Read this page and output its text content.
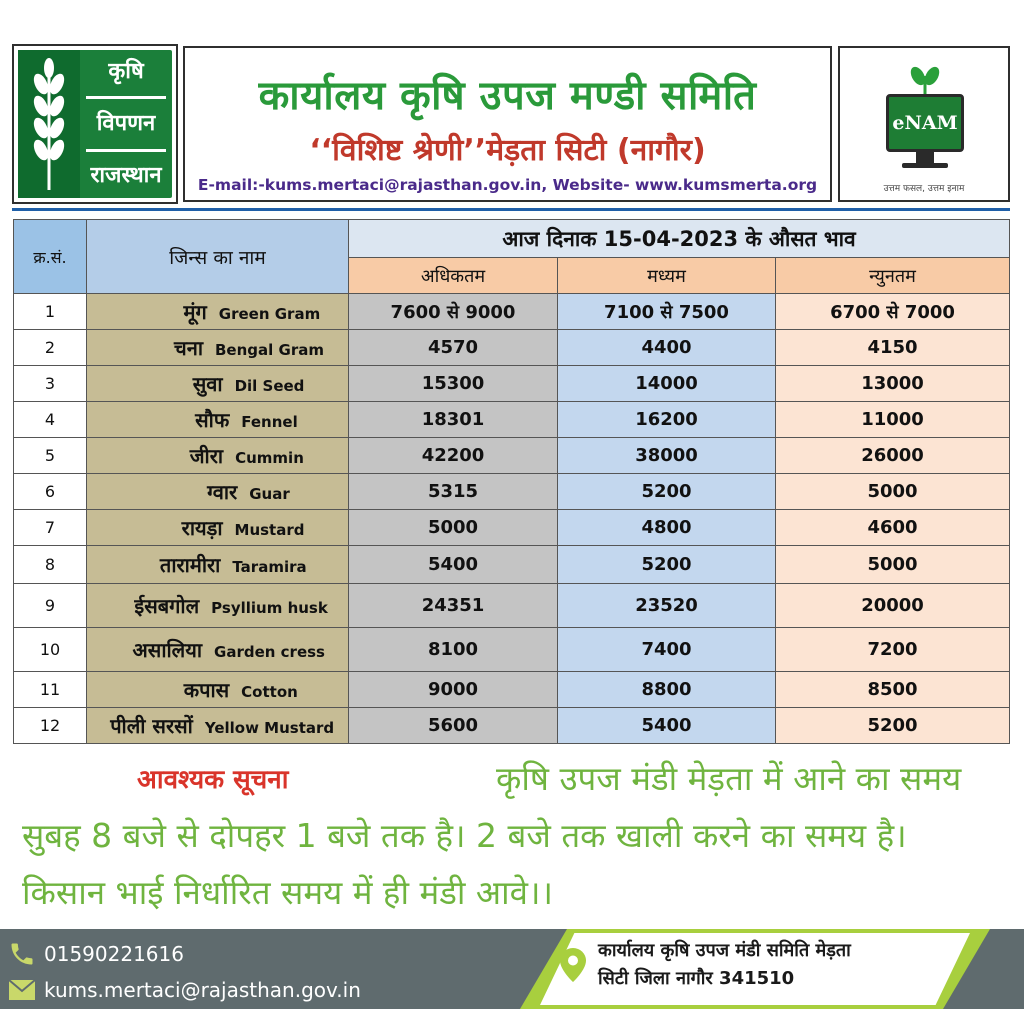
कृषि
विपणन
राजस्थान
कार्यालय कृषि उपज मण्डी समिति
‘‘विशिष्ट श्रेणी’’मेड़ता सिटी (नागौर)
E-mail:-kums.mertaci@rajasthan.gov.in, Website- www.kumsmerta.org
eNAM
उत्तम फसल, उत्तम इनाम
क्र.सं.	जिन्स का नाम	आज दिनाक 15-04-2023 के औसत भाव		
		अधिकतम	मध्यम	न्युनतम
1	मूंग Green Gram	7600 से 9000	7100 से 7500	6700 से 7000
2	चना Bengal Gram	4570	4400	4150
3	सुवा Dil Seed	15300	14000	13000
4	सौफ Fennel	18301	16200	11000
5	जीरा Cummin	42200	38000	26000
6	ग्वार Guar	5315	5200	5000
7	रायड़ा Mustard	5000	4800	4600
8	तारामीरा Taramira	5400	5200	5000
9	ईसबगोल Psyllium husk	24351	23520	20000
10	असालिया Garden cress	8100	7400	7200
11	कपास Cotton	9000	8800	8500
12	पीली सरसों Yellow Mustard	5600	5400	5200
कृषि उपज मंडी मेड़ता में आने का समय सुबह 8 बजे से दोपहर 1 बजे तक है। 2 बजे तक खाली करने का समय है। किसान भाई निर्धारित समय में ही मंडी आवे।।
आवश्यक सूचना
01590221616
kums.mertaci@rajasthan.gov.in
कार्यालय कृषि उपज मंडी समिति मेड़ता
सिटी जिला नागौर 341510
